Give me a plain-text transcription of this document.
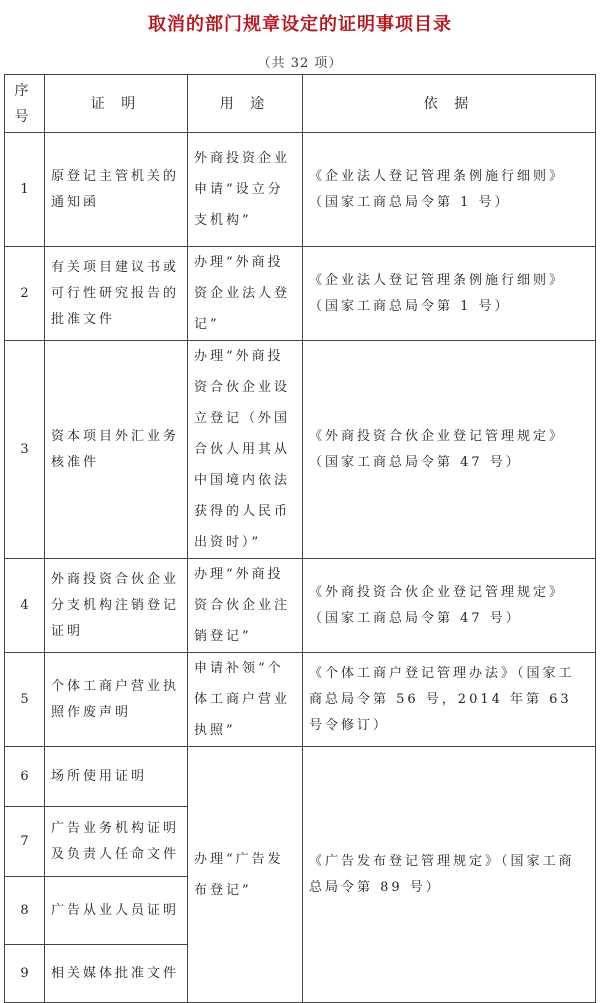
取消的部门规章设定的证明事项目录
（共 32 项）
序号	证 明	用 途	依 据
1	原登记主管机关的通知函	外商投资企业申请“设立分支机构”	《企业法人登记管理条例施行细则》（国家工商总局令第 1 号）
2	有关项目建议书或可行性研究报告的批准文件	办理“外商投资企业法人登记”	《企业法人登记管理条例施行细则》（国家工商总局令第 1 号）
3	资本项目外汇业务核准件	办理“外商投资合伙企业设立登记（外国合伙人用其从中国境内依法获得的人民币出资时）”	《外商投资合伙企业登记管理规定》（国家工商总局令第 47 号）
4	外商投资合伙企业分支机构注销登记证明	办理“外商投资合伙企业注销登记”	《外商投资合伙企业登记管理规定》（国家工商总局令第 47 号）
5	个体工商户营业执照作废声明	申请补领“个体工商户营业执照”	《个体工商户登记管理办法》（国家工商总局令第 56 号，2014 年第 63 号令修订）
6	场所使用证明	办理“广告发布登记”	《广告发布登记管理规定》（国家工商总局令第 89 号）
7	广告业务机构证明及负责人任命文件		
8	广告从业人员证明		
9	相关媒体批准文件		
